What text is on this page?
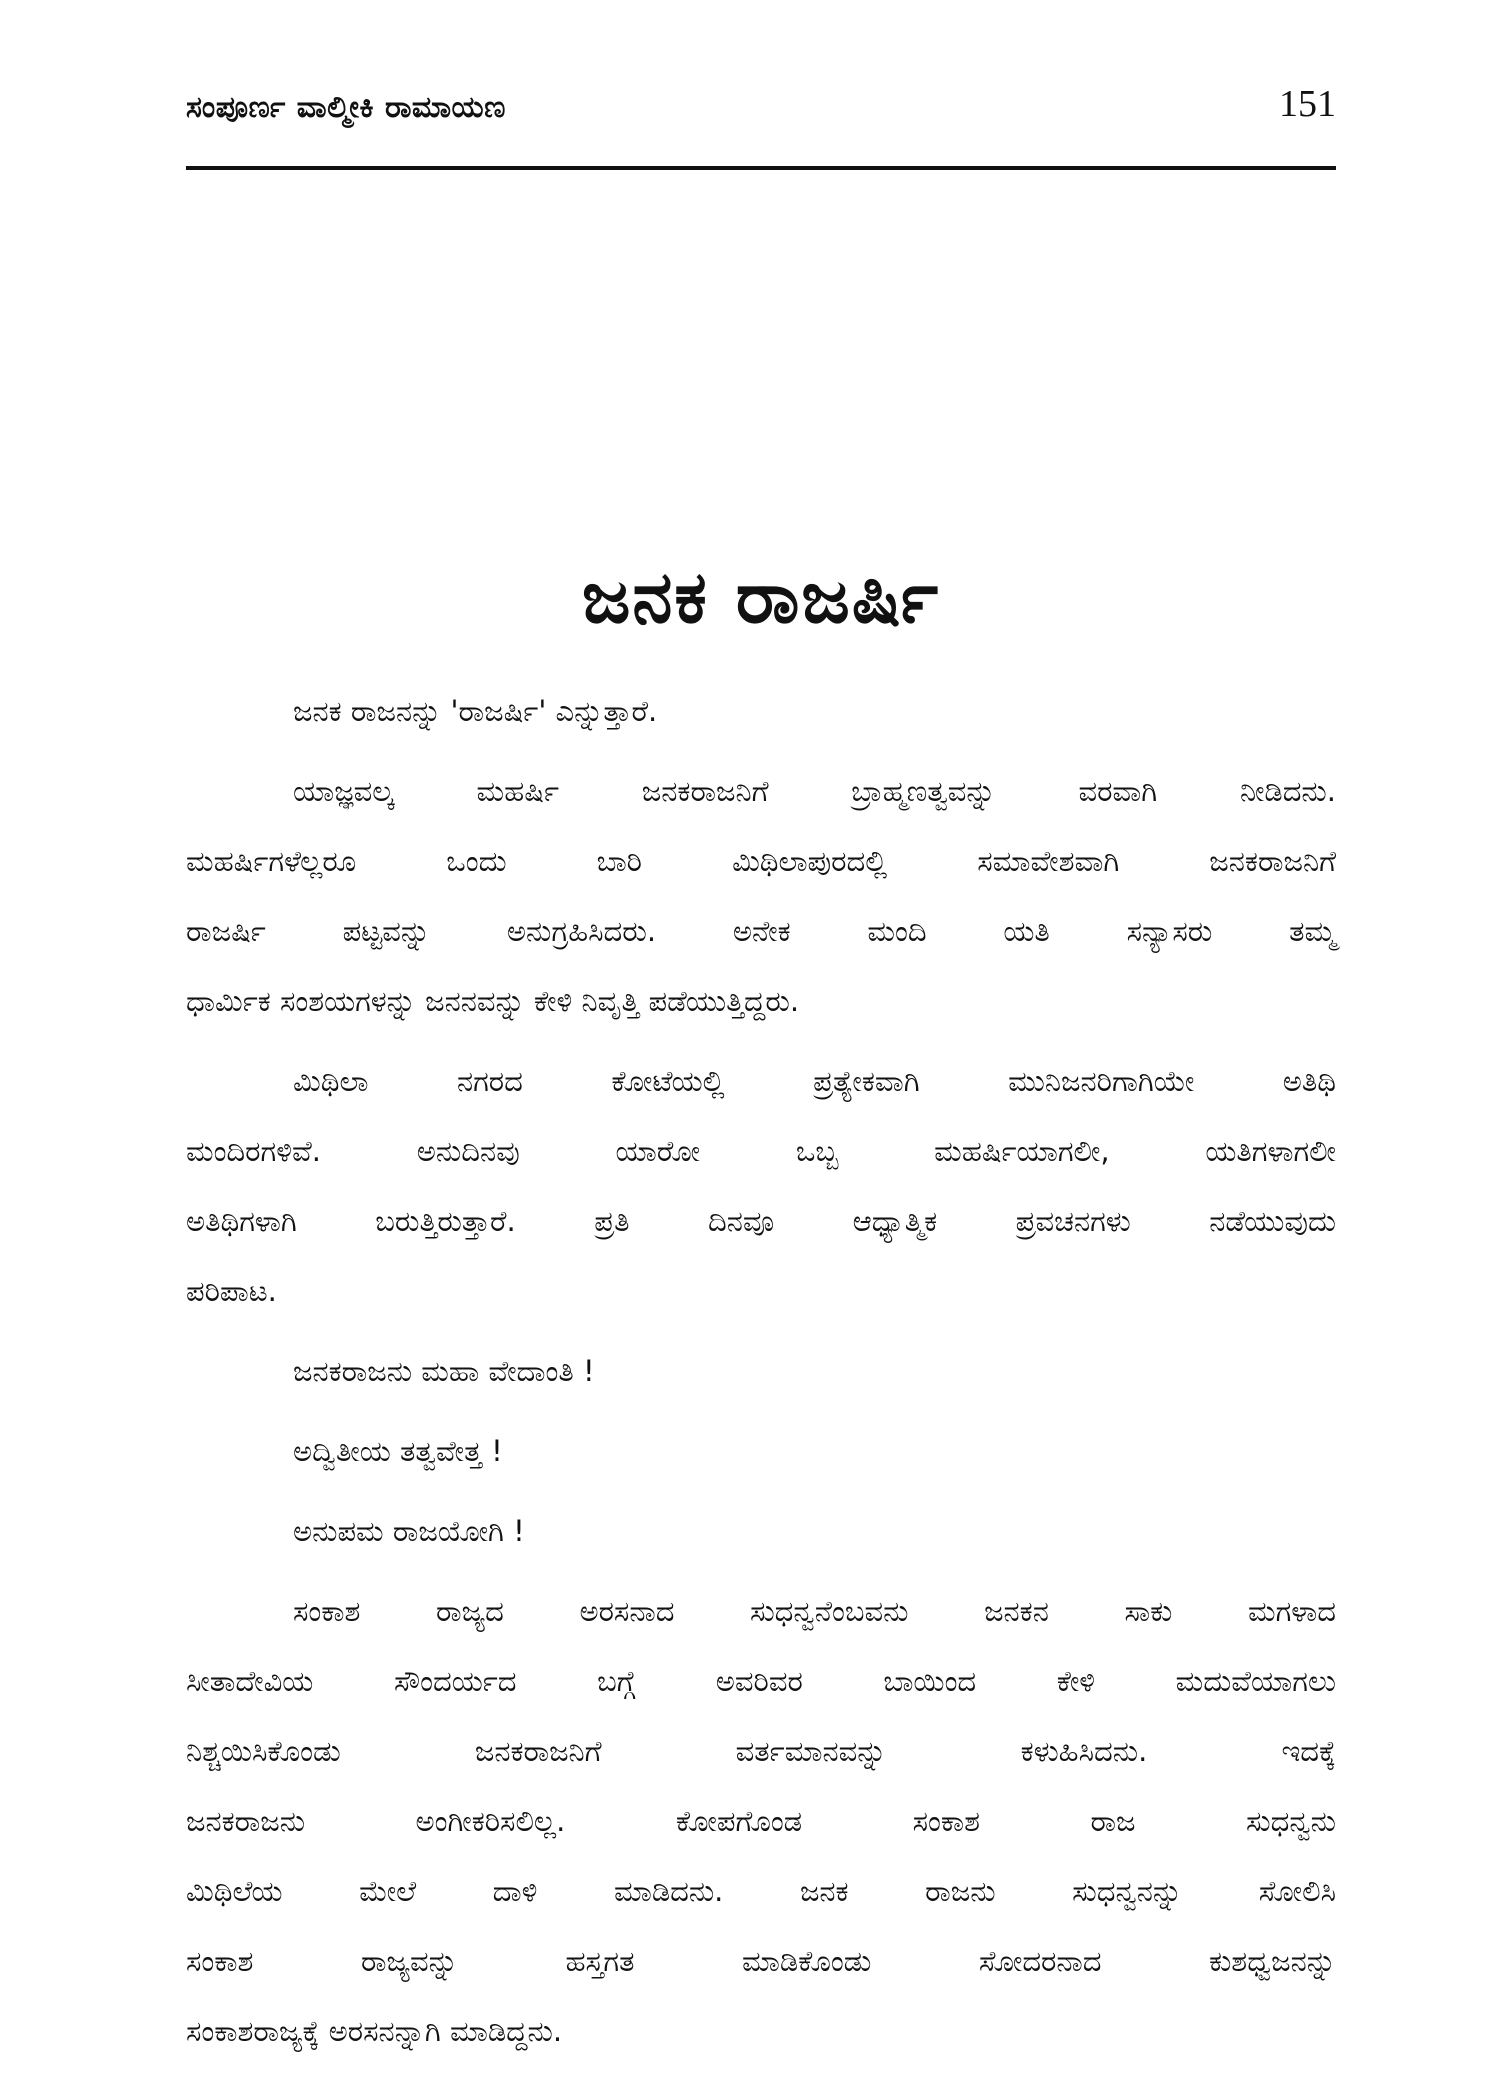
ಸಂಪೂರ್ಣ ವಾಲ್ಮೀಕಿ ರಾಮಾಯಣ	151
ಜನಕ ರಾಜರ್ಷಿ

ಜನಕ ರಾಜನನ್ನು 'ರಾಜರ್ಷಿ' ಎನ್ನುತ್ತಾರೆ.

ಯಾಜ್ಞವಲ್ಕ ಮಹರ್ಷಿ ಜನಕರಾಜನಿಗೆ ಬ್ರಾಹ್ಮಣತ್ವವನ್ನು ವರವಾಗಿ ನೀಡಿದನು.
ಮಹರ್ಷಿಗಳೆಲ್ಲರೂ ಒಂದು ಬಾರಿ ಮಿಥಿಲಾಪುರದಲ್ಲಿ ಸಮಾವೇಶವಾಗಿ ಜನಕರಾಜನಿಗೆ
ರಾಜರ್ಷಿ ಪಟ್ಟವನ್ನು ಅನುಗ್ರಹಿಸಿದರು. ಅನೇಕ ಮಂದಿ ಯತಿ ಸನ್ಯಾಸರು ತಮ್ಮ
ಧಾರ್ಮಿಕ ಸಂಶಯಗಳನ್ನು ಜನನವನ್ನು ಕೇಳಿ ನಿವೃತ್ತಿ ಪಡೆಯುತ್ತಿದ್ದರು.

ಮಿಥಿಲಾ ನಗರದ ಕೋಟೆಯಲ್ಲಿ ಪ್ರತ್ಯೇಕವಾಗಿ ಮುನಿಜನರಿಗಾಗಿಯೇ ಅತಿಥಿ
ಮಂದಿರಗಳಿವೆ. ಅನುದಿನವು ಯಾರೋ ಒಬ್ಬ ಮಹರ್ಷಿಯಾಗಲೀ, ಯತಿಗಳಾಗಲೀ
ಅತಿಥಿಗಳಾಗಿ ಬರುತ್ತಿರುತ್ತಾರೆ. ಪ್ರತಿ ದಿನವೂ ಆಧ್ಯಾತ್ಮಿಕ ಪ್ರವಚನಗಳು ನಡೆಯುವುದು
ಪರಿಪಾಟ.

ಜನಕರಾಜನು ಮಹಾ ವೇದಾಂತಿ !

ಅದ್ವಿತೀಯ ತತ್ವವೇತ್ತ !

ಅನುಪಮ ರಾಜಯೋಗಿ !

ಸಂಕಾಶ ರಾಜ್ಯದ ಅರಸನಾದ ಸುಧನ್ವನೆಂಬವನು ಜನಕನ ಸಾಕು ಮಗಳಾದ
ಸೀತಾದೇವಿಯ ಸೌಂದರ್ಯದ ಬಗ್ಗೆ ಅವರಿವರ ಬಾಯಿಂದ ಕೇಳಿ ಮದುವೆಯಾಗಲು
ನಿಶ್ಚಯಿಸಿಕೊಂಡು ಜನಕರಾಜನಿಗೆ ವರ್ತಮಾನವನ್ನು ಕಳುಹಿಸಿದನು. ಇದಕ್ಕೆ
ಜನಕರಾಜನು ಅಂಗೀಕರಿಸಲಿಲ್ಲ. ಕೋಪಗೊಂಡ ಸಂಕಾಶ ರಾಜ ಸುಧನ್ವನು
ಮಿಥಿಲೆಯ ಮೇಲೆ ದಾಳಿ ಮಾಡಿದನು. ಜನಕ ರಾಜನು ಸುಧನ್ವನನ್ನು ಸೋಲಿಸಿ
ಸಂಕಾಶ ರಾಜ್ಯವನ್ನು ಹಸ್ತಗತ ಮಾಡಿಕೊಂಡು ಸೋದರನಾದ ಕುಶಧ್ವಜನನ್ನು
ಸಂಕಾಶರಾಜ್ಯಕ್ಕೆ ಅರಸನನ್ನಾಗಿ ಮಾಡಿದ್ದನು.
